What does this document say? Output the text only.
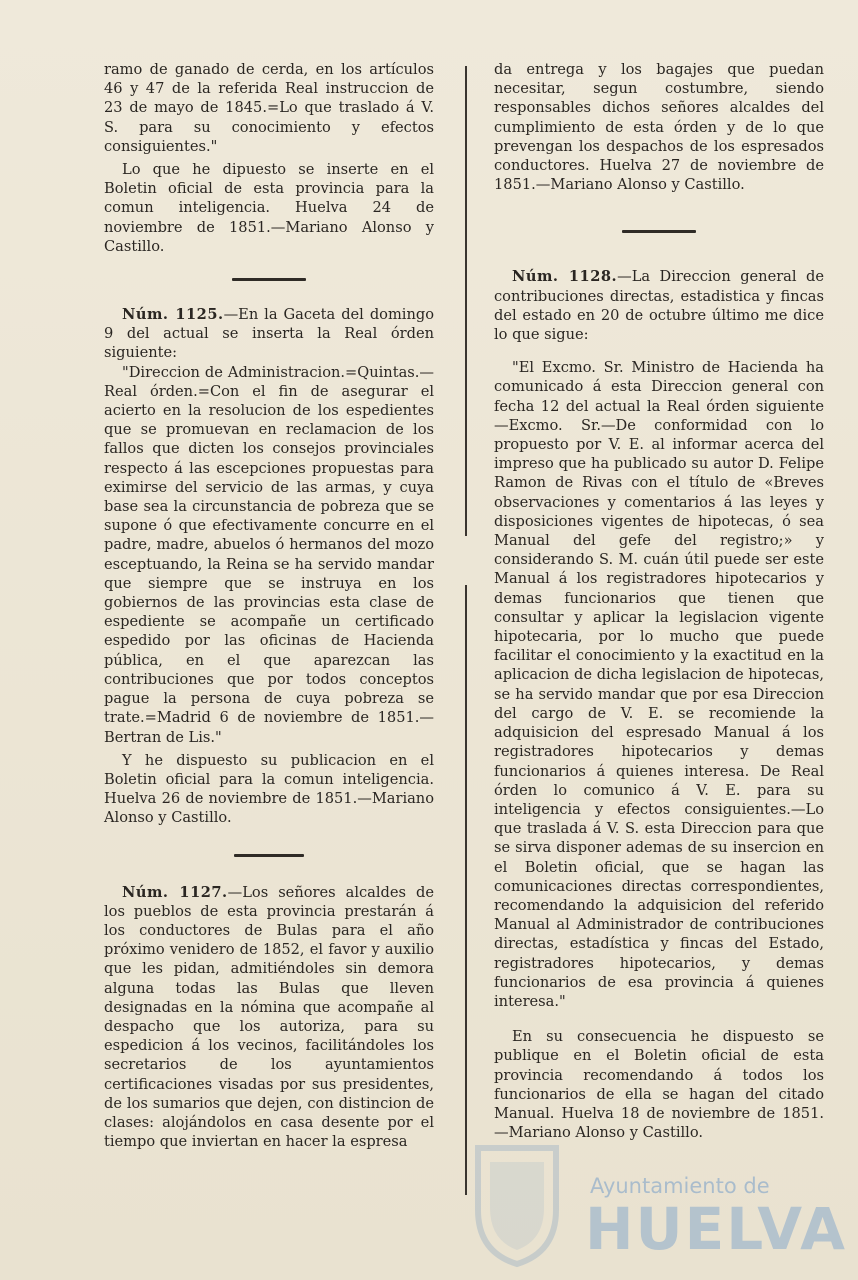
ramo de ganado de cerda, en los artículos 46 y 47 de la referida Real instruccion de 23 de mayo de 1845.=Lo que traslado á V. S. para su conocimiento y efectos consiguientes."

Lo que he dipuesto se inserte en el Boletin oficial de esta provincia para la comun inteligencia. Huelva 24 de noviembre de 1851.—Mariano Alonso y Castillo.

Núm. 1125.—En la Gaceta del domingo 9 del actual se inserta la Real órden siguiente:

"Direccion de Administracion.=Quintas.—Real órden.=Con el fin de asegurar el acierto en la resolucion de los espedientes que se promuevan en reclamacion de los fallos que dicten los consejos provinciales respecto á las escepciones propuestas para eximirse del servicio de las armas, y cuya base sea la circunstancia de pobreza que se supone ó que efectivamente concurre en el padre, madre, abuelos ó hermanos del mozo esceptuando, la Reina se ha servido mandar que siempre que se instruya en los gobiernos de las provincias esta clase de espediente se acompañe un certificado espedido por las oficinas de Hacienda pública, en el que aparezcan las contribuciones que por todos conceptos pague la persona de cuya pobreza se trate.=Madrid 6 de noviembre de 1851.—Bertran de Lis."

Y he dispuesto su publicacion en el Boletin oficial para la comun inteligencia. Huelva 26 de noviembre de 1851.—Mariano Alonso y Castillo.

Núm. 1127.—Los señores alcaldes de los pueblos de esta provincia prestarán á los conductores de Bulas para el año próximo venidero de 1852, el favor y auxilio que les pidan, admitiéndoles sin demora alguna todas las Bulas que lleven designadas en la nómina que acompañe al despacho que los autoriza, para su espedicion á los vecinos, facilitándoles los secretarios de los ayuntamientos certificaciones visadas por sus presidentes, de los sumarios que dejen, con distincion de clases: alojándolos en casa desente por el tiempo que inviertan en hacer la espresa

da entrega y los bagajes que puedan necesitar, segun costumbre, siendo responsables dichos señores alcaldes del cumplimiento de esta órden y de lo que prevengan los despachos de los espresados conductores. Huelva 27 de noviembre de 1851.—Mariano Alonso y Castillo.

Núm. 1128.—La Direccion general de contribuciones directas, estadistica y fincas del estado en 20 de octubre último me dice lo que sigue:

"El Excmo. Sr. Ministro de Hacienda ha comunicado á esta Direccion general con fecha 12 del actual la Real órden siguiente —Excmo. Sr.—De conformidad con lo propuesto por V. E. al informar acerca del impreso que ha publicado su autor D. Felipe Ramon de Rivas con el título de «Breves observaciones y comentarios á las leyes y disposiciones vigentes de hipotecas, ó sea Manual del gefe del registro;» y considerando S. M. cuán útil puede ser este Manual á los registradores hipotecarios y demas funcionarios que tienen que consultar y aplicar la legislacion vigente hipotecaria, por lo mucho que puede facilitar el conocimiento y la exactitud en la aplicacion de dicha legislacion de hipotecas, se ha servido mandar que por esa Direccion del cargo de V. E. se recomiende la adquisicion del espresado Manual á los registradores hipotecarios y demas funcionarios á quienes interesa. De Real órden lo comunico á V. E. para su inteligencia y efectos consiguientes.—Lo que traslada á V. S. esta Direccion para que se sirva disponer ademas de su insercion en el Boletin oficial, que se hagan las comunicaciones directas correspondientes, recomendando la adquisicion del referido Manual al Administrador de contribuciones directas, estadística y fincas del Estado, registradores hipotecarios, y demas funcionarios de esa provincia á quienes interesa."

En su consecuencia he dispuesto se publique en el Boletin oficial de esta provincia recomendando á todos los funcionarios de ella se hagan del citado Manual. Huelva 18 de noviembre de 1851.—Mariano Alonso y Castillo.

Ayuntamiento de
HUELVA
